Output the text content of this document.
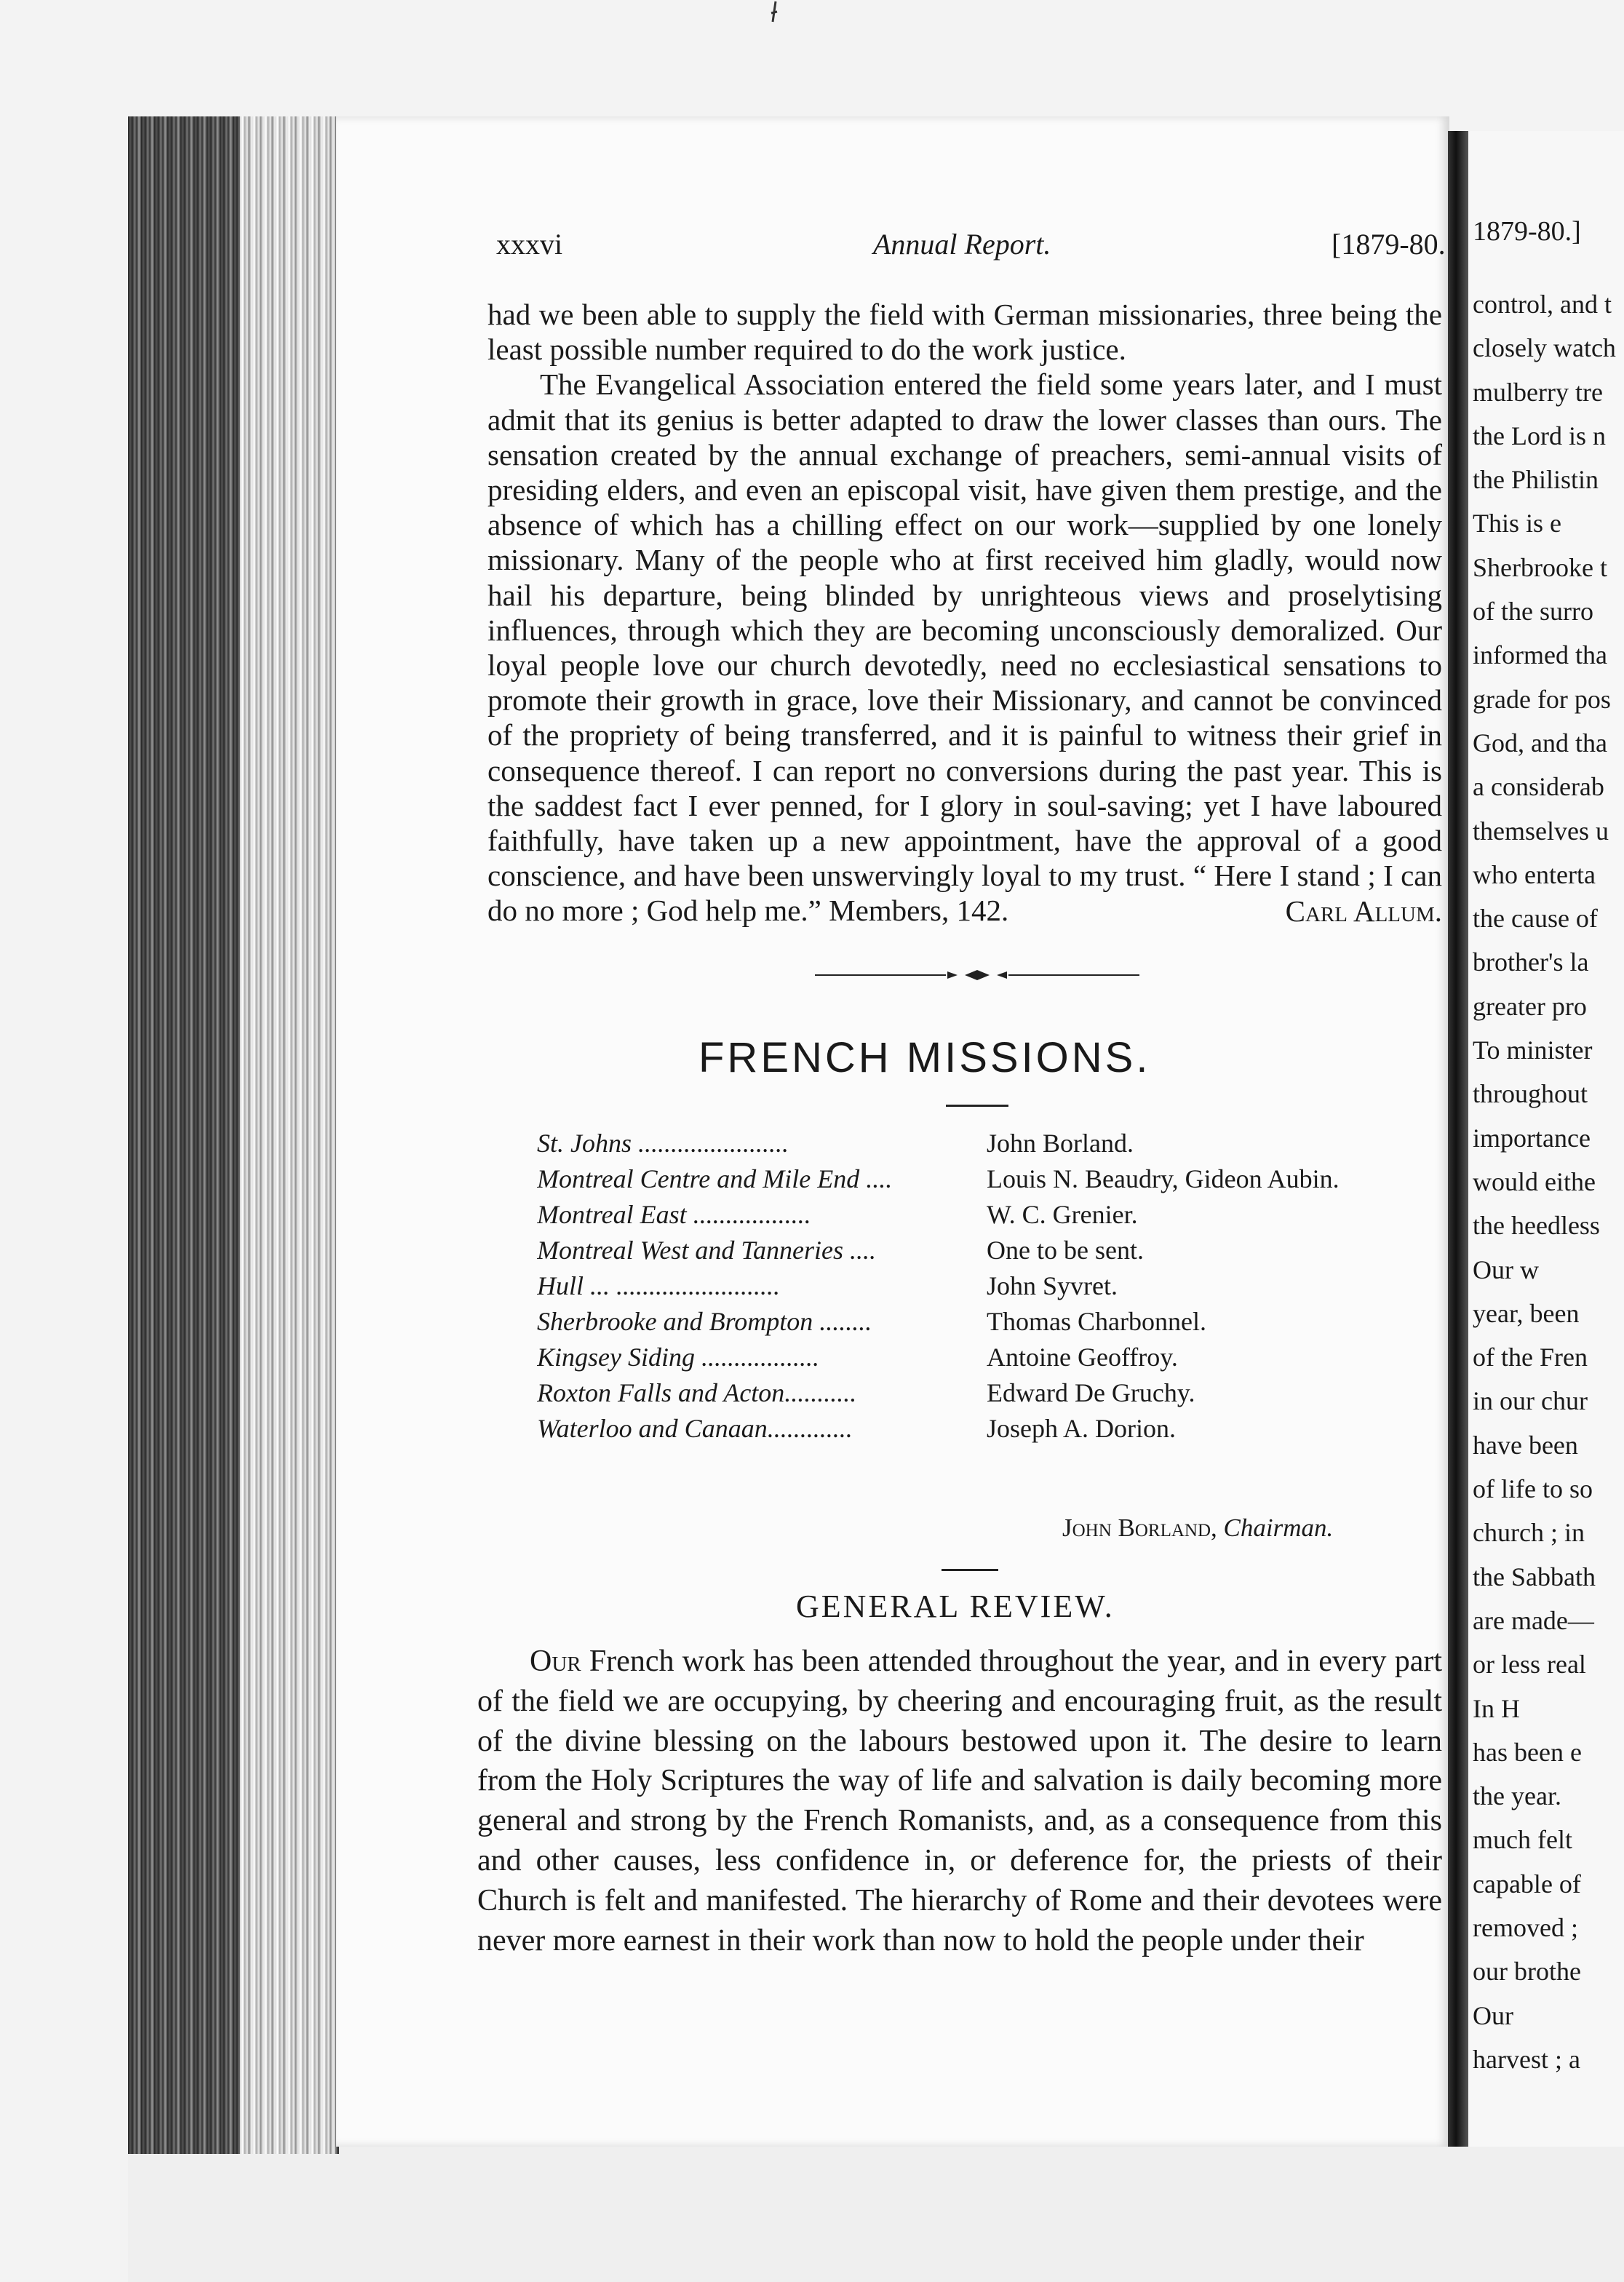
xxxvi	Annual Report.	[1879-80.
had we been able to supply the field with German missionaries, three being the least possible number required to do the work justice.
The Evangelical Association entered the field some years later, and I must admit that its genius is better adapted to draw the lower classes than ours. The sensation created by the annual exchange of preachers, semi-annual visits of presiding elders, and even an episcopal visit, have given them prestige, and the absence of which has a chilling effect on our work—supplied by one lonely missionary. Many of the people who at first received him gladly, would now hail his departure, being blinded by unrighteous views and proselytising influences, through which they are becoming unconsciously demoralized. Our loyal people love our church devotedly, need no ecclesiastical sensations to promote their growth in grace, love their Missionary, and cannot be convinced of the propriety of being transferred, and it is painful to witness their grief in consequence thereof. I can report no conversions during the past year. This is the saddest fact I ever penned, for I glory in soul-saving; yet I have laboured faithfully, have taken up a new appointment, have the approval of a good conscience, and have been unswervingly loyal to my trust. “ Here I stand ; I can do no more ; God help me.” Members, 142.	Carl Allum.
FRENCH MISSIONS.
St. Johns .......................	John Borland.
Montreal Centre and Mile End ....	Louis N. Beaudry, Gideon Aubin.
Montreal East ..................	W. C. Grenier.
Montreal West and Tanneries ....	One to be sent.
Hull ... .........................	John Syvret.
Sherbrooke and Brompton ........	Thomas Charbonnel.
Kingsey Siding ..................	Antoine Geoffroy.
Roxton Falls and Acton...........	Edward De Gruchy.
Waterloo and Canaan.............	Joseph A. Dorion.
John Borland, Chairman.
GENERAL REVIEW.
Our French work has been attended throughout the year, and in every part of the field we are occupying, by cheering and encouraging fruit, as the result of the divine blessing on the labours bestowed upon it. The desire to learn from the Holy Scriptures the way of life and salvation is daily becoming more general and strong by the French Romanists, and, as a consequence from this and other causes, less confidence in, or deference for, the priests of their Church is felt and manifested. The hierarchy of Rome and their devotees were never more earnest in their work than now to hold the people under their
1879-80.]
control, and t
closely watch
mulberry tre
the Lord is n
the Philistin
This is e
Sherbrooke t
of the surro
informed tha
grade for pos
God, and tha
a considerab
themselves u
who enterta
the cause of
brother's la
greater pro
To minister
throughout
importance
would eithe
the heedless
Our w
year, been
of the Fren
in our chur
have been
of life to so
church ; in
the Sabbath
are made—
or less real
In H
has been e
the year.
much felt
capable of
removed ;
our brothe
Our
harvest ; a
